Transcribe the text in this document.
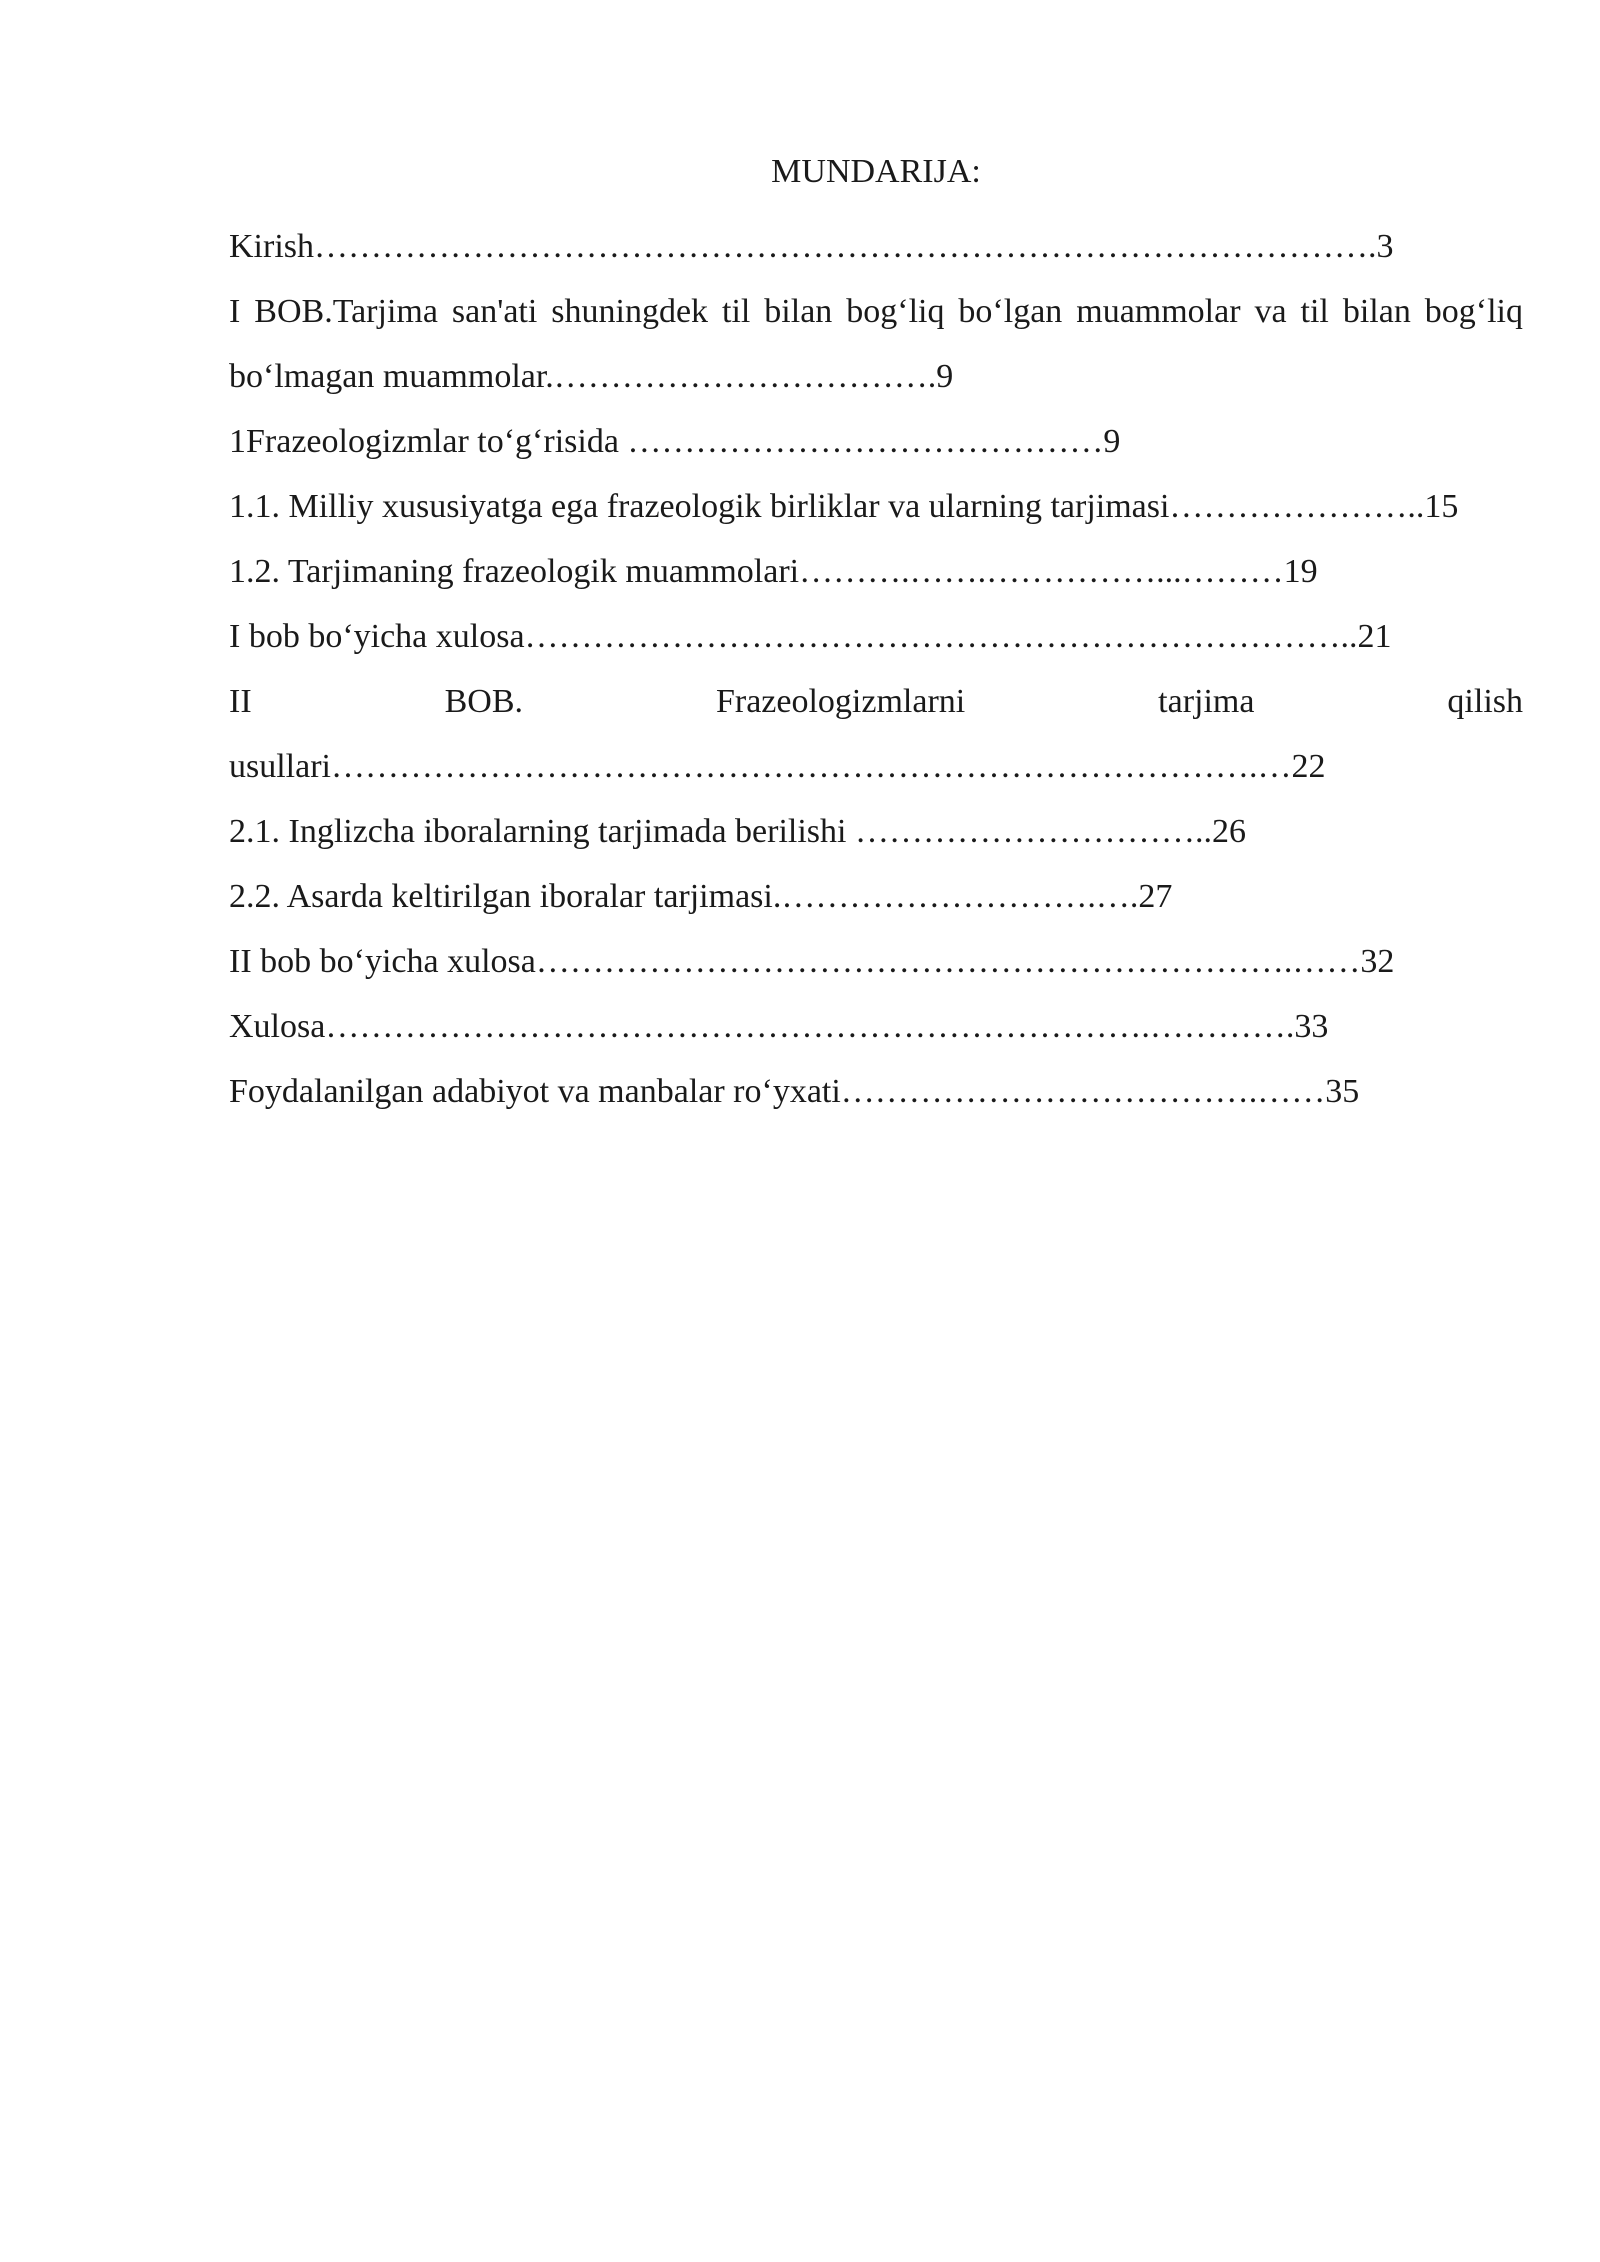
MUNDARIJA:
Kirish………………………………………………………………………………….3
I BOB.Tarjima san'ati shuningdek til bilan bog‘liq bo‘lgan muammolar va til bilan bog‘liq bo‘lmagan muammolar.…………………………….9
1Frazeologizmlar to‘g‘risida ……………………………………9
1.1. Milliy xususiyatga ega frazeologik birliklar va ularning tarjimasi…………………..15
1.2. Tarjimaning frazeologik muammolari……….…….……………...………19
I bob bo‘yicha xulosa………………………………………………………………..21
II BOB. Frazeologizmlarni tarjima qilish usullari……………………………………………………………………….…22
2.1. Inglizcha iboralarning tarjimada berilishi …………………………..26
2.2. Asarda keltirilgan iboralar tarjimasi.……………………….….27
II bob bo‘yicha xulosa………………………………………………………….……32
Xulosa……………………………………………………………….………….33
Foydalanilgan adabiyot va manbalar ro‘yxati……………………………….……35
